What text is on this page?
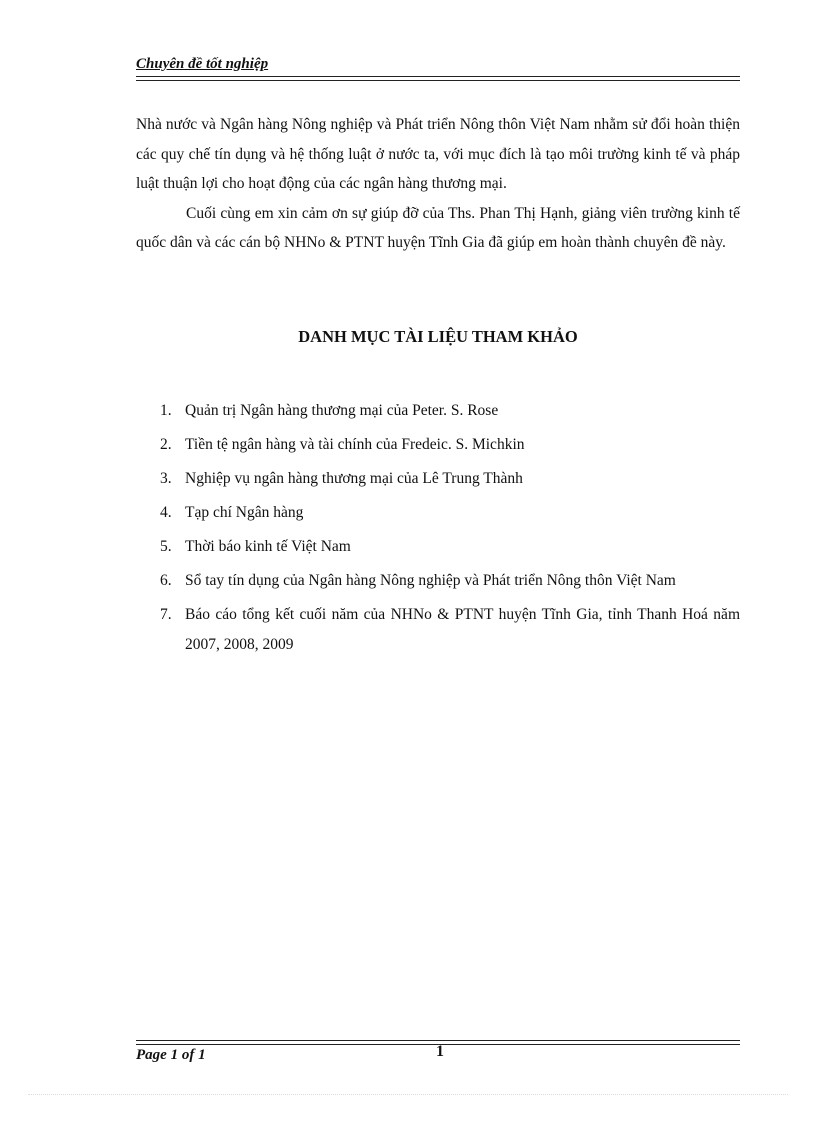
Chuyên đề tốt nghiệp

Nhà nước và Ngân hàng Nông nghiệp và Phát triển Nông thôn Việt Nam nhằm sử đổi hoàn thiện các quy chế tín dụng và hệ thống luật ở nước ta, với mục đích là tạo môi trường kinh tế và pháp luật thuận lợi cho hoạt động của các ngân hàng thương mại.

Cuối cùng em xin cảm ơn sự giúp đỡ của Ths. Phan Thị Hạnh, giảng viên trường kinh tế quốc dân và các cán bộ NHNo & PTNT huyện Tĩnh Gia đã giúp em hoàn thành chuyên đề này.

DANH MỤC TÀI LIỆU THAM KHẢO
1. Quản trị Ngân hàng thương mại của Peter. S. Rose
2. Tiền tệ ngân hàng và tài chính của Fredeic. S. Michkin
3. Nghiệp vụ ngân hàng thương mại của Lê Trung Thành
4. Tạp chí Ngân hàng
5. Thời báo kinh tế Việt Nam
6. Sổ tay tín dụng của Ngân hàng Nông nghiệp và Phát triển Nông thôn Việt Nam
7. Báo cáo tổng kết cuối năm của NHNo & PTNT huyện Tĩnh Gia, tỉnh Thanh Hoá năm 2007, 2008, 2009
Page 1 of 1	1
